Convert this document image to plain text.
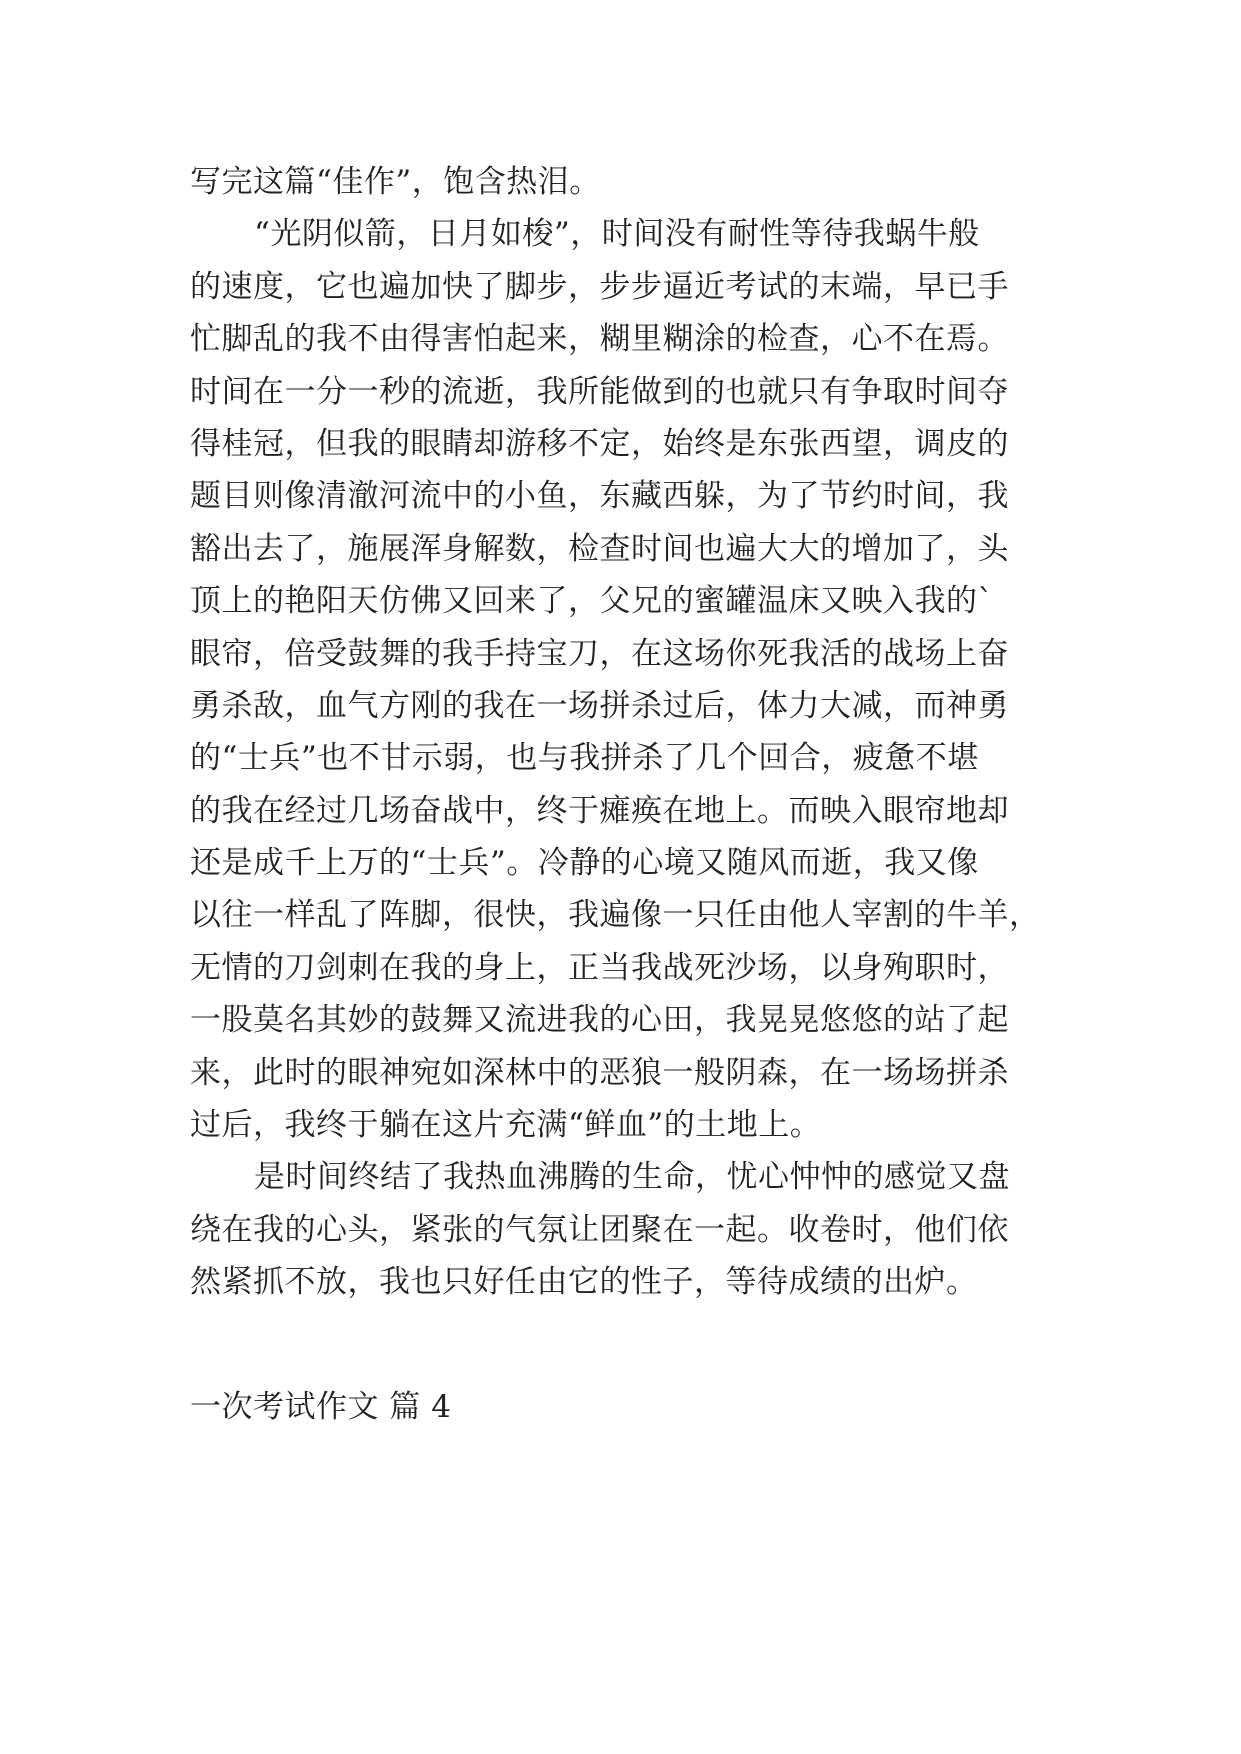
写完这篇“佳作”，饱含热泪。
“光阴似箭，日月如梭”，时间没有耐性等待我蜗牛般
的速度，它也遍加快了脚步，步步逼近考试的末端，早已手
忙脚乱的我不由得害怕起来，糊里糊涂的检查，心不在焉。
时间在一分一秒的流逝，我所能做到的也就只有争取时间夺
得桂冠，但我的眼睛却游移不定，始终是东张西望，调皮的
题目则像清澈河流中的小鱼，东藏西躲，为了节约时间，我
豁出去了，施展浑身解数，检查时间也遍大大的增加了，头
顶上的艳阳天仿佛又回来了，父兄的蜜罐温床又映入我的`
眼帘，倍受鼓舞的我手持宝刀，在这场你死我活的战场上奋
勇杀敌，血气方刚的我在一场拼杀过后，体力大减，而神勇
的“士兵”也不甘示弱，也与我拼杀了几个回合，疲惫不堪
的我在经过几场奋战中，终于瘫痪在地上。而映入眼帘地却
还是成千上万的“士兵”。冷静的心境又随风而逝，我又像
以往一样乱了阵脚，很快，我遍像一只任由他人宰割的牛羊，
无情的刀剑刺在我的身上，正当我战死沙场，以身殉职时，
一股莫名其妙的鼓舞又流进我的心田，我晃晃悠悠的站了起
来，此时的眼神宛如深林中的恶狼一般阴森，在一场场拼杀
过后，我终于躺在这片充满“鲜血”的土地上。
是时间终结了我热血沸腾的生命，忧心忡忡的感觉又盘
绕在我的心头，紧张的气氛让团聚在一起。收卷时，他们依
然紧抓不放，我也只好任由它的性子，等待成绩的出炉。
一次考试作文 篇 4
